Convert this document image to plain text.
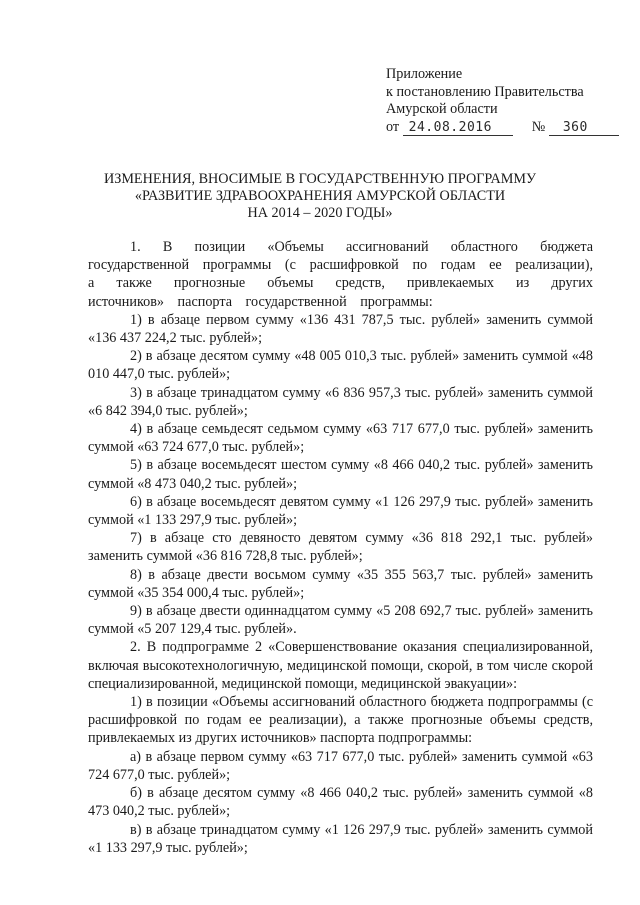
Приложение
к постановлению Правительства
Амурской области
от 24.08.2016	№ 360
ИЗМЕНЕНИЯ, ВНОСИМЫЕ В ГОСУДАРСТВЕННУЮ ПРОГРАММУ
«РАЗВИТИЕ ЗДРАВООХРАНЕНИЯ АМУРСКОЙ ОБЛАСТИ
НА 2014 – 2020 ГОДЫ»

1. В позиции «Объемы ассигнований областного бюджета государственной программы (с расшифровкой по годам ее реализации), а также прогнозные объемы средств, привлекаемых из других источников» паспорта государственной программы:

1) в абзаце первом сумму «136 431 787,5 тыс. рублей» заменить суммой «136 437 224,2 тыс. рублей»;

2) в абзаце десятом сумму «48 005 010,3 тыс. рублей» заменить суммой «48 010 447,0 тыс. рублей»;

3) в абзаце тринадцатом сумму «6 836 957,3 тыс. рублей» заменить суммой «6 842 394,0 тыс. рублей»;

4) в абзаце семьдесят седьмом сумму «63 717 677,0 тыс. рублей» заменить суммой «63 724 677,0 тыс. рублей»;

5) в абзаце восемьдесят шестом сумму «8 466 040,2 тыс. рублей» заменить суммой «8 473 040,2 тыс. рублей»;

6) в абзаце восемьдесят девятом сумму «1 126 297,9 тыс. рублей» заменить суммой «1 133 297,9 тыс. рублей»;

7) в абзаце сто девяносто девятом сумму «36 818 292,1 тыс. рублей» заменить суммой «36 816 728,8 тыс. рублей»;

8) в абзаце двести восьмом сумму «35 355 563,7 тыс. рублей» заменить суммой «35 354 000,4 тыс. рублей»;

9) в абзаце двести одиннадцатом сумму «5 208 692,7 тыс. рублей» заменить суммой «5 207 129,4 тыс. рублей».

2. В подпрограмме 2 «Совершенствование оказания специализированной, включая высокотехнологичную, медицинской помощи, скорой, в том числе скорой специализированной, медицинской помощи, медицинской эвакуации»:

1) в позиции «Объемы ассигнований областного бюджета подпрограммы (с расшифровкой по годам ее реализации), а также прогнозные объемы средств, привлекаемых из других источников» паспорта подпрограммы:

а) в абзаце первом сумму «63 717 677,0 тыс. рублей» заменить суммой «63 724 677,0 тыс. рублей»;

б) в абзаце десятом сумму «8 466 040,2 тыс. рублей» заменить суммой «8 473 040,2 тыс. рублей»;

в) в абзаце тринадцатом сумму «1 126 297,9 тыс. рублей» заменить суммой «1 133 297,9 тыс. рублей»;
